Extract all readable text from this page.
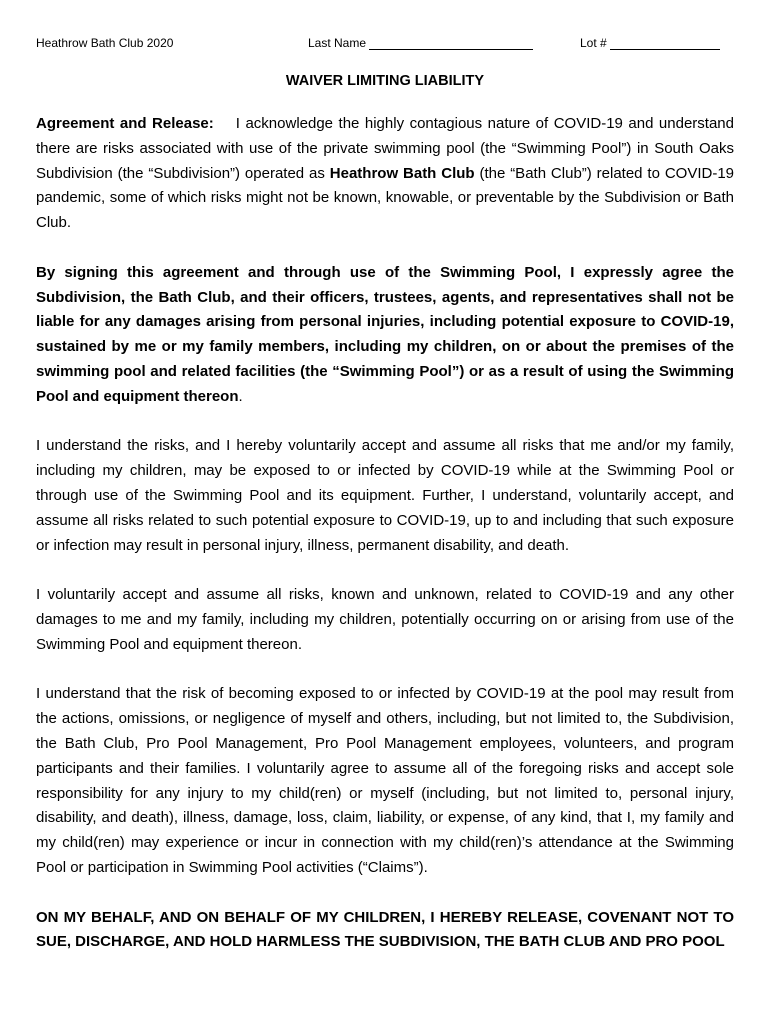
Heathrow Bath Club 2020	Last Name	Lot #
WAIVER LIMITING LIABILITY

Agreement and Release: I acknowledge the highly contagious nature of COVID-19 and understand there are risks associated with use of the private swimming pool (the “Swimming Pool”) in South Oaks Subdivision (the “Subdivision”) operated as Heathrow Bath Club (the “Bath Club”) related to COVID-19 pandemic, some of which risks might not be known, knowable, or preventable by the Subdivision or Bath Club.

By signing this agreement and through use of the Swimming Pool, I expressly agree the Subdivision, the Bath Club, and their officers, trustees, agents, and representatives shall not be liable for any damages arising from personal injuries, including potential exposure to COVID-19, sustained by me or my family members, including my children, on or about the premises of the swimming pool and related facilities (the “Swimming Pool”) or as a result of using the Swimming Pool and equipment thereon.

I understand the risks, and I hereby voluntarily accept and assume all risks that me and/or my family, including my children, may be exposed to or infected by COVID-19 while at the Swimming Pool or through use of the Swimming Pool and its equipment. Further, I understand, voluntarily accept, and assume all risks related to such potential exposure to COVID-19, up to and including that such exposure or infection may result in personal injury, illness, permanent disability, and death.

I voluntarily accept and assume all risks, known and unknown, related to COVID-19 and any other damages to me and my family, including my children, potentially occurring on or arising from use of the Swimming Pool and equipment thereon.

I understand that the risk of becoming exposed to or infected by COVID-19 at the pool may result from the actions, omissions, or negligence of myself and others, including, but not limited to, the Subdivision, the Bath Club, Pro Pool Management, Pro Pool Management employees, volunteers, and program participants and their families. I voluntarily agree to assume all of the foregoing risks and accept sole responsibility for any injury to my child(ren) or myself (including, but not limited to, personal injury, disability, and death), illness, damage, loss, claim, liability, or expense, of any kind, that I, my family and my child(ren) may experience or incur in connection with my child(ren)’s attendance at the Swimming Pool or participation in Swimming Pool activities (“Claims”).

ON MY BEHALF, AND ON BEHALF OF MY CHILDREN, I HEREBY RELEASE, COVENANT NOT TO SUE, DISCHARGE, AND HOLD HARMLESS THE SUBDIVISION, THE BATH CLUB AND PRO POOL
